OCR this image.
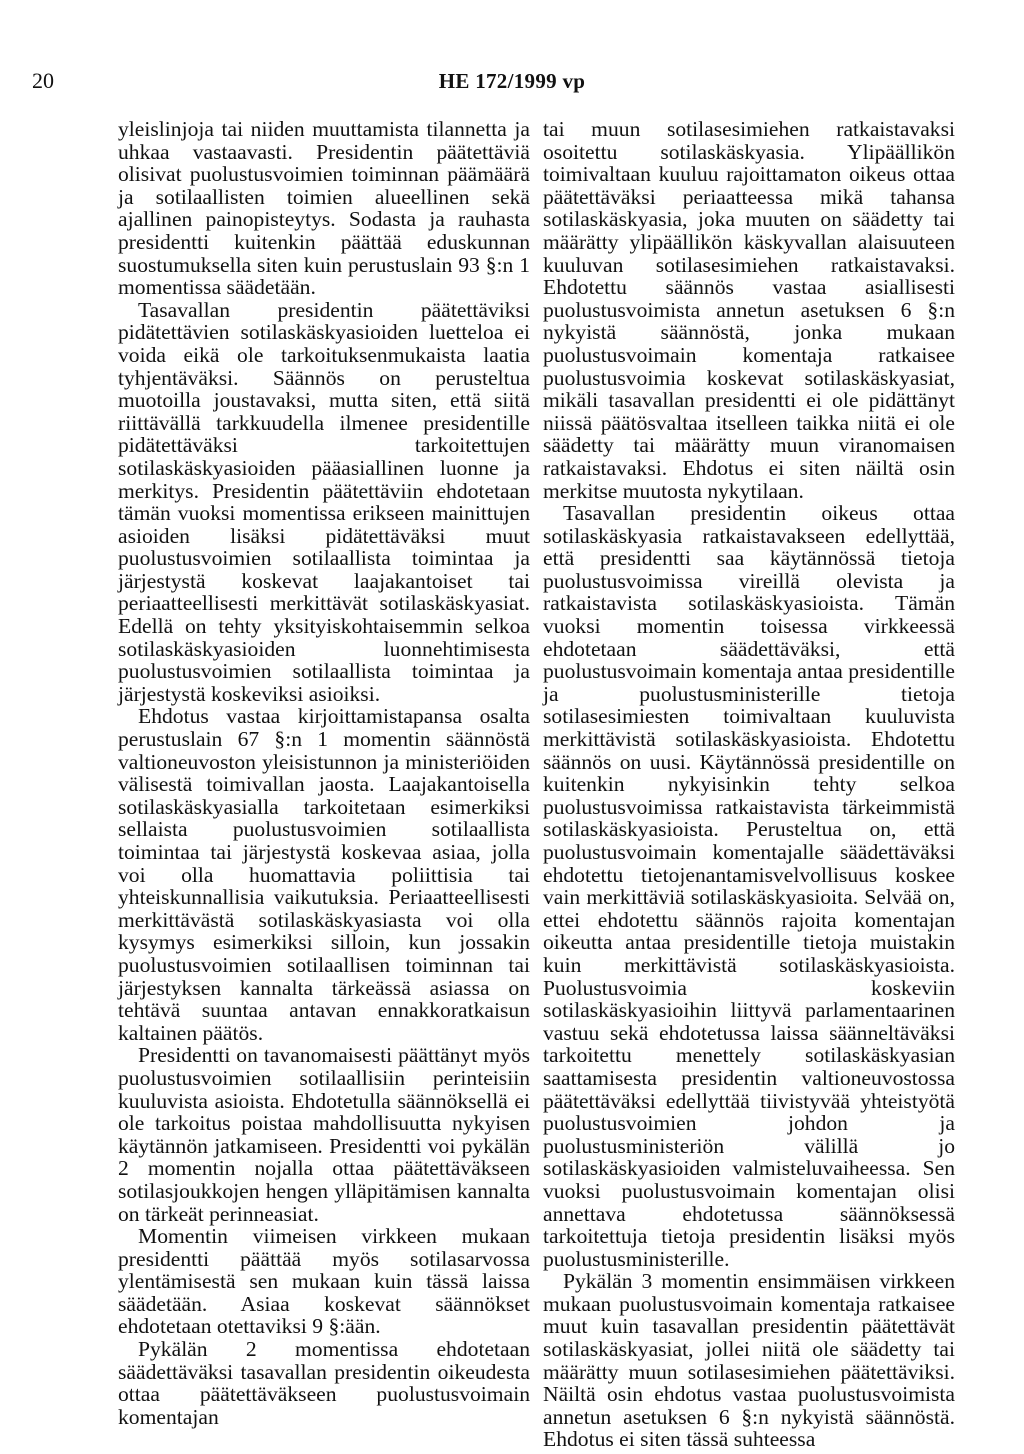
20	HE 172/1999 vp

yleislinjoja tai niiden muuttamista tilannetta ja uhkaa vastaavasti. Presidentin päätettäviä olisivat puolustusvoimien toiminnan päämäärä ja sotilaallisten toimien alueellinen sekä ajallinen painopisteytys. Sodasta ja rauhasta presidentti kuitenkin päättää eduskunnan suostumuksella siten kuin perustuslain 93 §:n 1 momentissa säädetään.

Tasavallan presidentin päätettäviksi pidätettävien sotilaskäskyasioiden luetteloa ei voida eikä ole tarkoituksenmukaista laatia tyhjentäväksi. Säännös on perusteltua muotoilla joustavaksi, mutta siten, että siitä riittävällä tarkkuudella ilmenee presidentille pidätettäväksi tarkoitettujen sotilaskäskyasioiden pääasiallinen luonne ja merkitys. Presidentin päätettäviin ehdotetaan tämän vuoksi momentissa erikseen mainittujen asioiden lisäksi pidätettäväksi muut puolustusvoimien sotilaallista toimintaa ja järjestystä koskevat laajakantoiset tai periaatteellisesti merkittävät sotilaskäskyasiat. Edellä on tehty yksityiskohtaisemmin selkoa sotilaskäskyasioiden luonnehtimisesta puolustusvoimien sotilaallista toimintaa ja järjestystä koskeviksi asioiksi.

Ehdotus vastaa kirjoittamistapansa osalta perustuslain 67 §:n 1 momentin säännöstä valtioneuvoston yleisistunnon ja ministeriöiden välisestä toimivallan jaosta. Laajakantoisella sotilaskäskyasialla tarkoitetaan esimerkiksi sellaista puolustusvoimien sotilaallista toimintaa tai järjestystä koskevaa asiaa, jolla voi olla huomattavia poliittisia tai yhteiskunnallisia vaikutuksia. Periaatteellisesti merkittävästä sotilaskäskyasiasta voi olla kysymys esimerkiksi silloin, kun jossakin puolustusvoimien sotilaallisen toiminnan tai järjestyksen kannalta tärkeässä asiassa on tehtävä suuntaa antavan ennakkoratkaisun kaltainen päätös.

Presidentti on tavanomaisesti päättänyt myös puolustusvoimien sotilaallisiin perinteisiin kuuluvista asioista. Ehdotetulla säännöksellä ei ole tarkoitus poistaa mahdollisuutta nykyisen käytännön jatkamiseen. Presidentti voi pykälän 2 momentin nojalla ottaa päätettäväkseen sotilasjoukkojen hengen ylläpitämisen kannalta on tärkeät perinneasiat.

Momentin viimeisen virkkeen mukaan presidentti päättää myös sotilasarvossa ylentämisestä sen mukaan kuin tässä laissa säädetään. Asiaa koskevat säännökset ehdotetaan otettaviksi 9 §:ään.

Pykälän 2 momentissa ehdotetaan säädettäväksi tasavallan presidentin oikeudesta ottaa päätettäväkseen puolustusvoimain komentajan

tai muun sotilasesimiehen ratkaistavaksi osoitettu sotilaskäskyasia. Ylipäällikön toimivaltaan kuuluu rajoittamaton oikeus ottaa päätettäväksi periaatteessa mikä tahansa sotilaskäskyasia, joka muuten on säädetty tai määrätty ylipäällikön käskyvallan alaisuuteen kuuluvan sotilasesimiehen ratkaistavaksi. Ehdotettu säännös vastaa asiallisesti puolustusvoimista annetun asetuksen 6 §:n nykyistä säännöstä, jonka mukaan puolustusvoimain komentaja ratkaisee puolustusvoimia koskevat sotilaskäskyasiat, mikäli tasavallan presidentti ei ole pidättänyt niissä päätösvaltaa itselleen taikka niitä ei ole säädetty tai määrätty muun viranomaisen ratkaistavaksi. Ehdotus ei siten näiltä osin merkitse muutosta nykytilaan.

Tasavallan presidentin oikeus ottaa sotilaskäskyasia ratkaistavakseen edellyttää, että presidentti saa käytännössä tietoja puolustusvoimissa vireillä olevista ja ratkaistavista sotilaskäskyasioista. Tämän vuoksi momentin toisessa virkkeessä ehdotetaan säädettäväksi, että puolustusvoimain komentaja antaa presidentille ja puolustusministerille tietoja sotilasesimiesten toimivaltaan kuuluvista merkittävistä sotilaskäskyasioista. Ehdotettu säännös on uusi. Käytännössä presidentille on kuitenkin nykyisinkin tehty selkoa puolustusvoimissa ratkaistavista tärkeimmistä sotilaskäskyasioista. Perusteltua on, että puolustusvoimain komentajalle säädettäväksi ehdotettu tietojenantamisvelvollisuus koskee vain merkittäviä sotilaskäskyasioita. Selvää on, ettei ehdotettu säännös rajoita komentajan oikeutta antaa presidentille tietoja muistakin kuin merkittävistä sotilaskäskyasioista. Puolustusvoimia koskeviin sotilaskäskyasioihin liittyvä parlamentaarinen vastuu sekä ehdotetussa laissa säänneltäväksi tarkoitettu menettely sotilaskäskyasian saattamisesta presidentin valtioneuvostossa päätettäväksi edellyttää tiivistyvää yhteistyötä puolustusvoimien johdon ja puolustusministeriön välillä jo sotilaskäskyasioiden valmisteluvaiheessa. Sen vuoksi puolustusvoimain komentajan olisi annettava ehdotetussa säännöksessä tarkoitettuja tietoja presidentin lisäksi myös puolustusministerille.

Pykälän 3 momentin ensimmäisen virkkeen mukaan puolustusvoimain komentaja ratkaisee muut kuin tasavallan presidentin päätettävät sotilaskäskyasiat, jollei niitä ole säädetty tai määrätty muun sotilasesimiehen päätettäviksi. Näiltä osin ehdotus vastaa puolustusvoimista annetun asetuksen 6 §:n nykyistä säännöstä. Ehdotus ei siten tässä suhteessa
